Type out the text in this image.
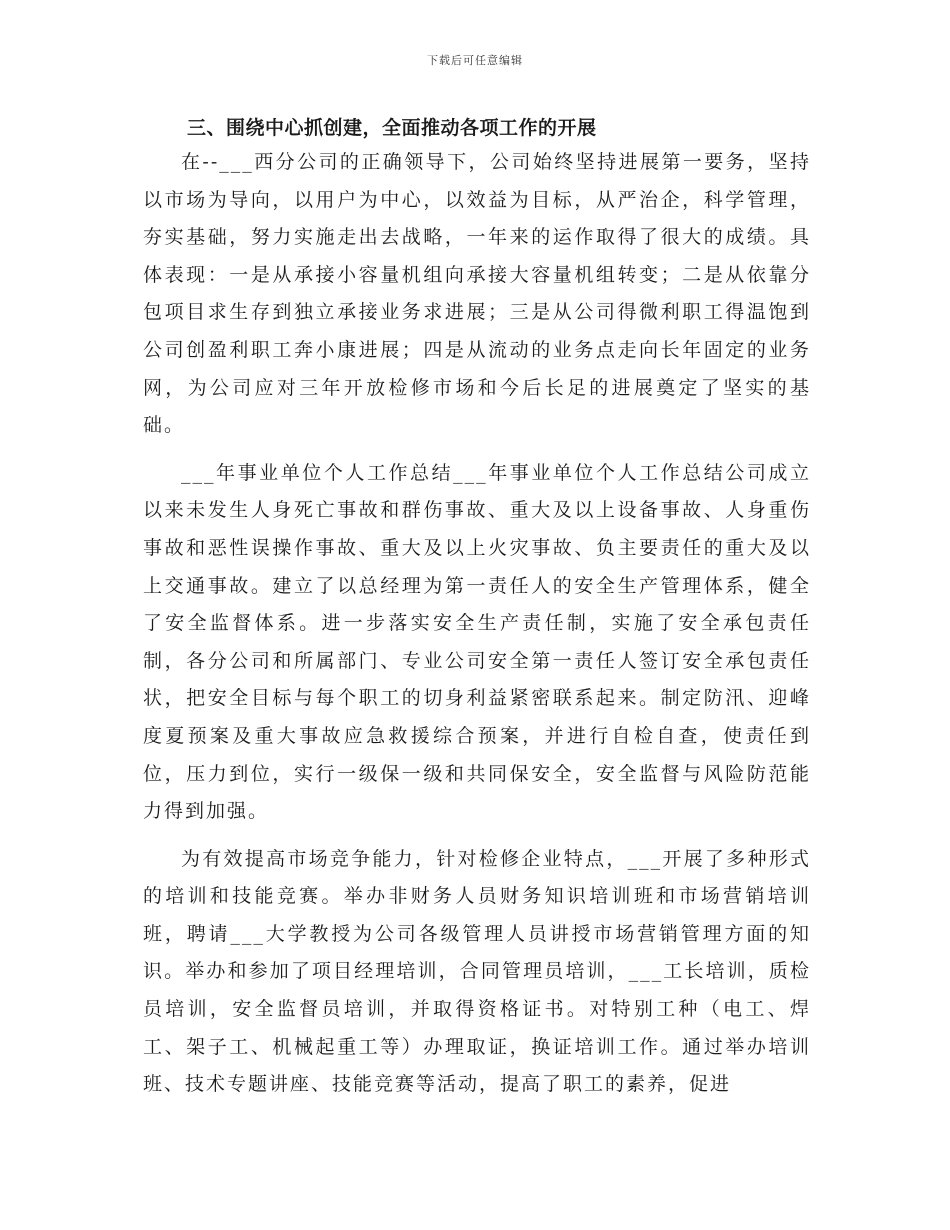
下载后可任意编辑
三、围绕中心抓创建，全面推动各项工作的开展

在--___西分公司的正确领导下，公司始终坚持进展第一要务，坚持以市场为导向，以用户为中心，以效益为目标，从严治企，科学管理，夯实基础，努力实施走出去战略，一年来的运作取得了很大的成绩。具体表现：一是从承接小容量机组向承接大容量机组转变；二是从依靠分包项目求生存到独立承接业务求进展；三是从公司得微利职工得温饱到公司创盈利职工奔小康进展；四是从流动的业务点走向长年固定的业务网，为公司应对三年开放检修市场和今后长足的进展奠定了坚实的基础。

___年事业单位个人工作总结___年事业单位个人工作总结公司成立以来未发生人身死亡事故和群伤事故、重大及以上设备事故、人身重伤事故和恶性误操作事故、重大及以上火灾事故、负主要责任的重大及以上交通事故。建立了以总经理为第一责任人的安全生产管理体系，健全了安全监督体系。进一步落实安全生产责任制，实施了安全承包责任制，各分公司和所属部门、专业公司安全第一责任人签订安全承包责任状，把安全目标与每个职工的切身利益紧密联系起来。制定防汛、迎峰度夏预案及重大事故应急救援综合预案，并进行自检自查，使责任到位，压力到位，实行一级保一级和共同保安全，安全监督与风险防范能力得到加强。

为有效提高市场竞争能力，针对检修企业特点，___开展了多种形式的培训和技能竞赛。举办非财务人员财务知识培训班和市场营销培训班，聘请___大学教授为公司各级管理人员讲授市场营销管理方面的知识。举办和参加了项目经理培训，合同管理员培训，___工长培训，质检员培训，安全监督员培训，并取得资格证书。对特别工种（电工、焊工、架子工、机械起重工等）办理取证，换证培训工作。通过举办培训班、技术专题讲座、技能竞赛等活动，提高了职工的素养，促进
